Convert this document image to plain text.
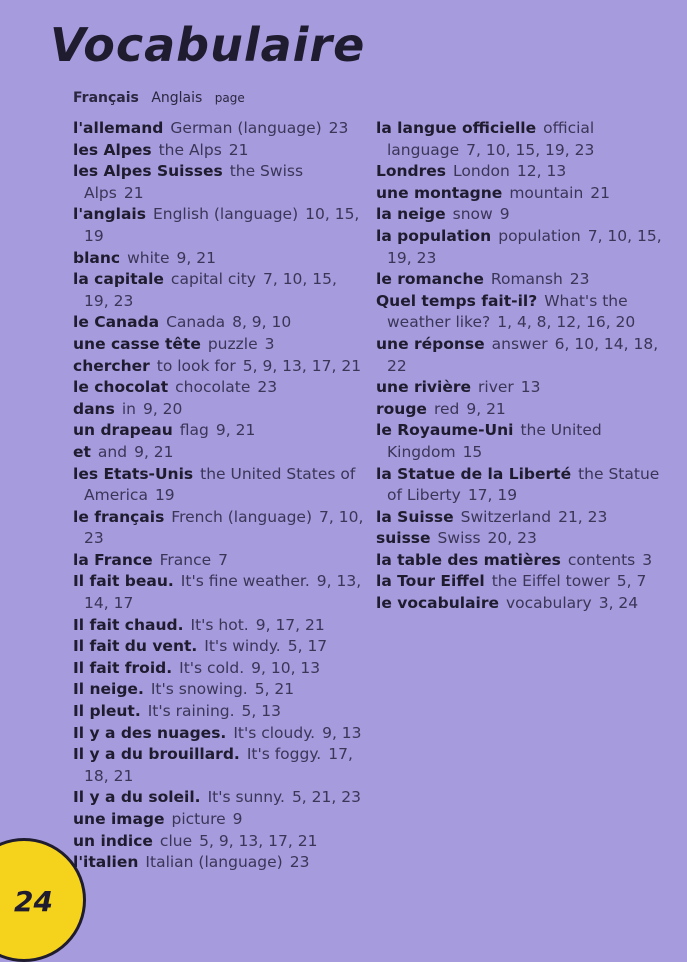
Vocabulaire
Français Anglais page
l'allemand German (language) 23
les Alpes the Alps 21
les Alpes Suisses the Swiss Alps 21
l'anglais English (language) 10, 15, 19
blanc white 9, 21
la capitale capital city 7, 10, 15, 19, 23
le Canada Canada 8, 9, 10
une casse tête puzzle 3
chercher to look for 5, 9, 13, 17, 21
le chocolat chocolate 23
dans in 9, 20
un drapeau flag 9, 21
et and 9, 21
les Etats-Unis the United States of America 19
le français French (language) 7, 10, 23
la France France 7
Il fait beau. It's fine weather. 9, 13, 14, 17
Il fait chaud. It's hot. 9, 17, 21
Il fait du vent. It's windy. 5, 17
Il fait froid. It's cold. 9, 10, 13
Il neige. It's snowing. 5, 21
Il pleut. It's raining. 5, 13
Il y a des nuages. It's cloudy. 9, 13
Il y a du brouillard. It's foggy. 17, 18, 21
Il y a du soleil. It's sunny. 5, 21, 23
une image picture 9
un indice clue 5, 9, 13, 17, 21
l'italien Italian (language) 23
la langue officielle official language 7, 10, 15, 19, 23
Londres London 12, 13
une montagne mountain 21
la neige snow 9
la population population 7, 10, 15, 19, 23
le romanche Romansh 23
Quel temps fait-il? What's the weather like? 1, 4, 8, 12, 16, 20
une réponse answer 6, 10, 14, 18, 22
une rivière river 13
rouge red 9, 21
le Royaume-Uni the United Kingdom 15
la Statue de la Liberté the Statue of Liberty 17, 19
la Suisse Switzerland 21, 23
suisse Swiss 20, 23
la table des matières contents 3
la Tour Eiffel the Eiffel tower 5, 7
le vocabulaire vocabulary 3, 24
24
